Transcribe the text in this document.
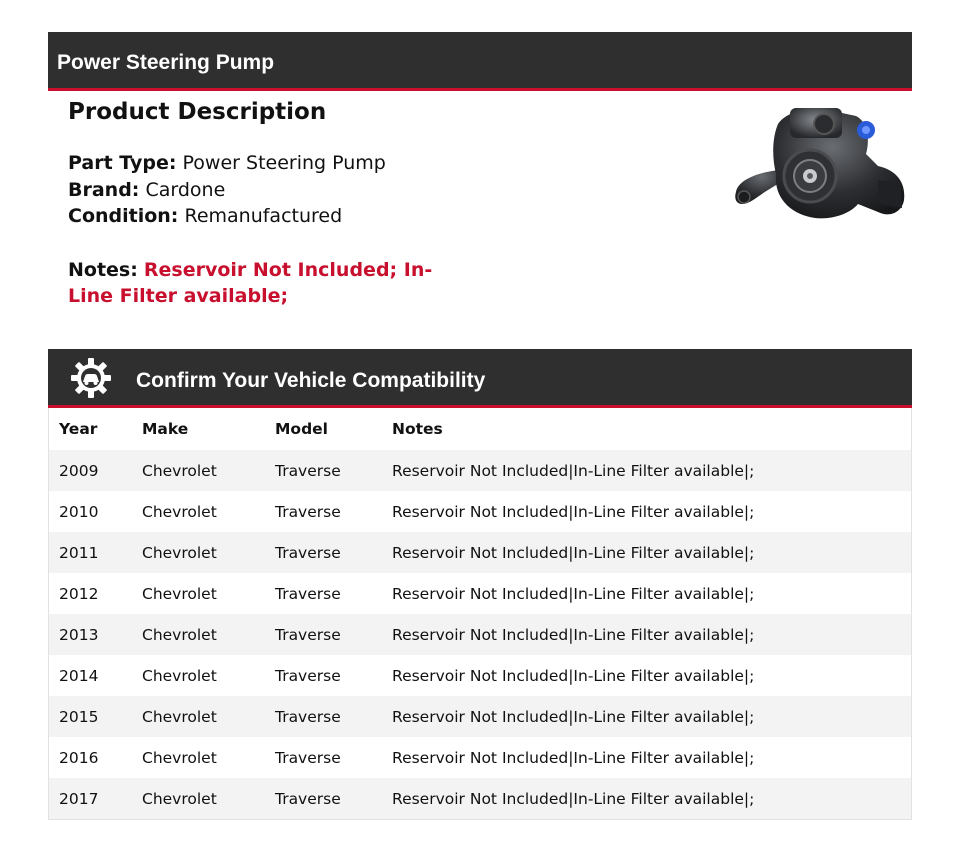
Power Steering Pump
Product Description
Part Type: Power Steering Pump
Brand: Cardone
Condition: Remanufactured
Notes: Reservoir Not Included; In-Line Filter available;
Confirm Your Vehicle Compatibility
Year	Make	Model	Notes
2009	Chevrolet	Traverse	Reservoir Not Included|In-Line Filter available|;
2010	Chevrolet	Traverse	Reservoir Not Included|In-Line Filter available|;
2011	Chevrolet	Traverse	Reservoir Not Included|In-Line Filter available|;
2012	Chevrolet	Traverse	Reservoir Not Included|In-Line Filter available|;
2013	Chevrolet	Traverse	Reservoir Not Included|In-Line Filter available|;
2014	Chevrolet	Traverse	Reservoir Not Included|In-Line Filter available|;
2015	Chevrolet	Traverse	Reservoir Not Included|In-Line Filter available|;
2016	Chevrolet	Traverse	Reservoir Not Included|In-Line Filter available|;
2017	Chevrolet	Traverse	Reservoir Not Included|In-Line Filter available|;
